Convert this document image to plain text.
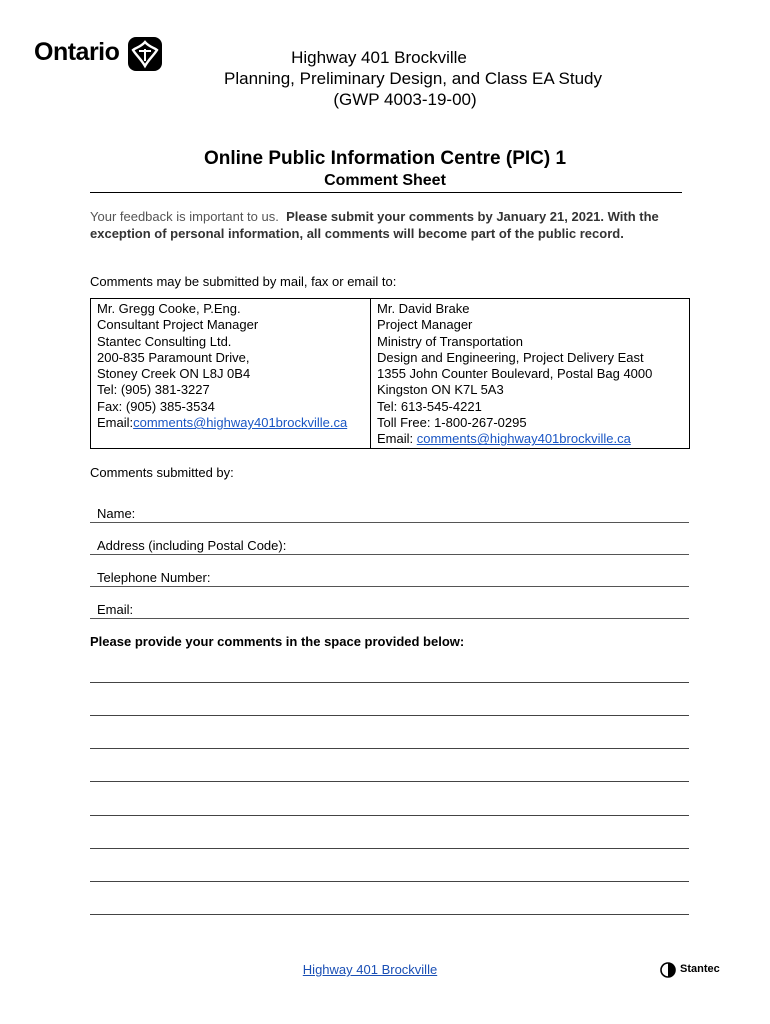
Ontario	Highway 401 Brockville
Planning, Preliminary Design, and Class EA Study
(GWP 4003-19-00)
Online Public Information Centre (PIC) 1
Comment Sheet
Your feedback is important to us. Please submit your comments by January 21, 2021. With the exception of personal information, all comments will become part of the public record.
Comments may be submitted by mail, fax or email to:
Mr. Gregg Cooke, P.Eng.
Consultant Project Manager
Stantec Consulting Ltd.
200-835 Paramount Drive,
Stoney Creek ON L8J 0B4
Tel: (905) 381-3227
Fax: (905) 385-3534
Email:comments@highway401brockville.ca
Mr. David Brake
Project Manager
Ministry of Transportation
Design and Engineering, Project Delivery East
1355 John Counter Boulevard, Postal Bag 4000
Kingston ON K7L 5A3
Tel: 613-545-4221
Toll Free: 1-800-267-0295
Email: comments@highway401brockville.ca
Comments submitted by:
Name:
Address (including Postal Code):
Telephone Number:
Email:
Please provide your comments in the space provided below:
Highway 401 Brockville	Stantec
